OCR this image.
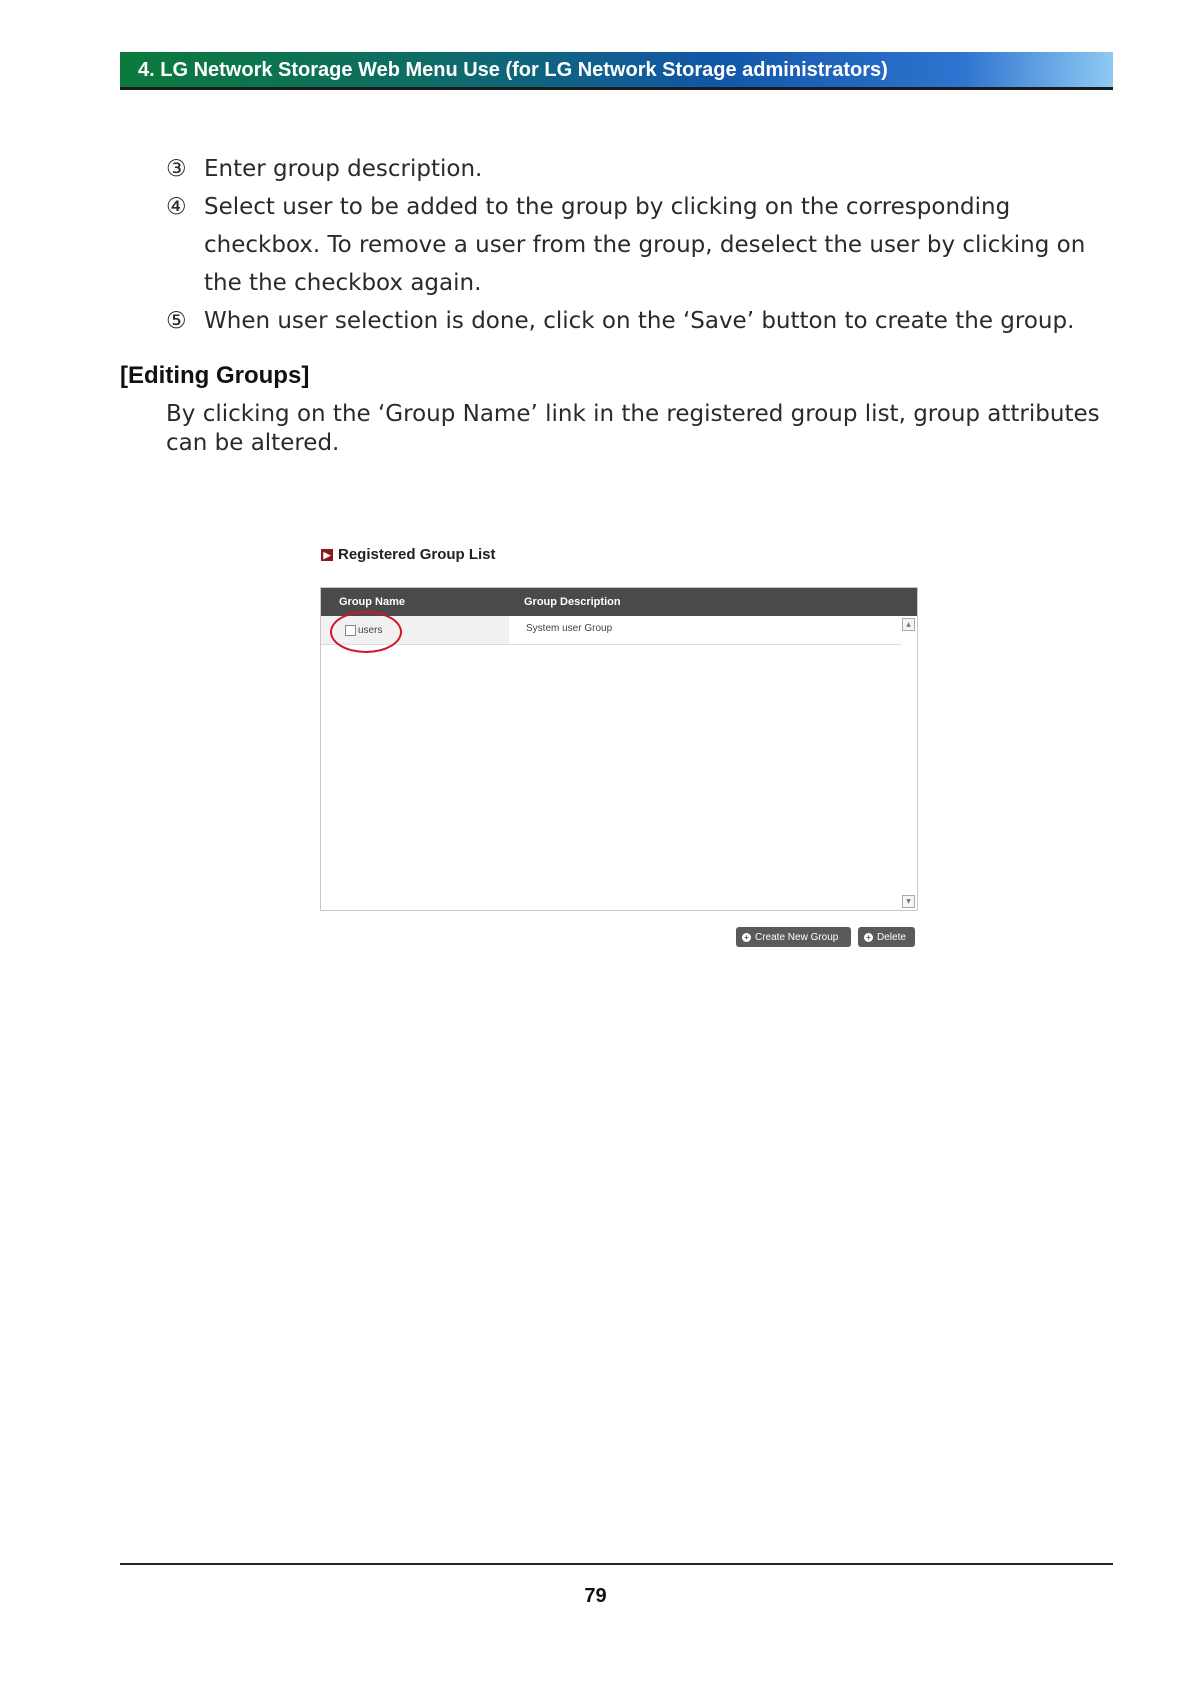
4. LG Network Storage Web Menu Use (for LG Network Storage administrators)
③ Enter group description.
④ Select user to be added to the group by clicking on the corresponding checkbox. To remove a user from the group, deselect the user by clicking on the the checkbox again.
⑤ When user selection is done, click on the ‘Save’ button to create the group.
[Editing Groups]
By clicking on the ‘Group Name’ link in the registered group list, group attributes can be altered.
▶ Registered Group List
Group Name	Group Description
users	System user Group	▲
▼
+ Create New Group	+ Delete
79
